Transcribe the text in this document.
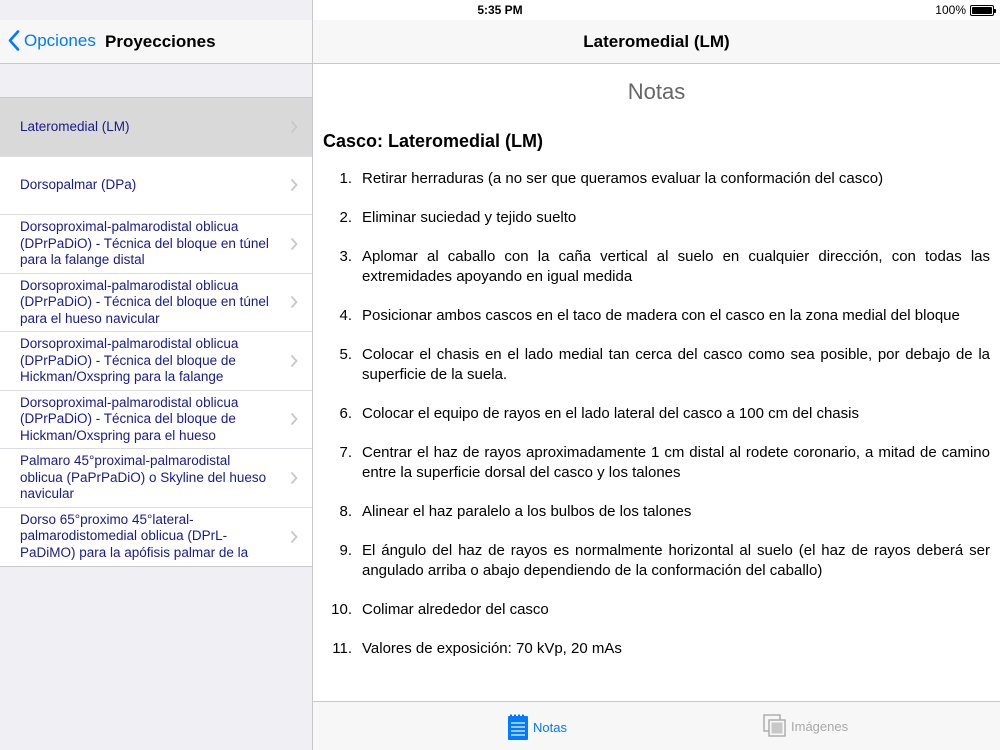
5:35 PM	100%
Opciones Proyecciones
Lateromedial (LM)
Dorsopalmar (DPa)
Dorsoproximal-palmarodistal oblicua (DPrPaDiO) - Técnica del bloque en túnel para la falange distal
Dorsoproximal-palmarodistal oblicua (DPrPaDiO) - Técnica del bloque en túnel para el hueso navicular
Dorsoproximal-palmarodistal oblicua (DPrPaDiO) - Técnica del bloque de Hickman/Oxspring para la falange
Dorsoproximal-palmarodistal oblicua (DPrPaDiO) - Técnica del bloque de Hickman/Oxspring para el hueso
Palmaro 45°proximal-palmarodistal oblicua (PaPrPaDiO) o Skyline del hueso navicular
Dorso 65°proximo 45°lateral-palmarodistomedial oblicua (DPrL-PaDiMO) para la apófisis palmar de la
Lateromedial (LM)
Notas
Casco: Lateromedial (LM)
1. Retirar herraduras (a no ser que queramos evaluar la conformación del casco)
2. Eliminar suciedad y tejido suelto
3. Aplomar al caballo con la caña vertical al suelo en cualquier dirección, con todas las extremidades apoyando en igual medida
4. Posicionar ambos cascos en el taco de madera con el casco en la zona medial del bloque
5. Colocar el chasis en el lado medial tan cerca del casco como sea posible, por debajo de la superficie de la suela.
6. Colocar el equipo de rayos en el lado lateral del casco a 100 cm del chasis
7. Centrar el haz de rayos aproximadamente 1 cm distal al rodete coronario, a mitad de camino entre la superficie dorsal del casco y los talones
8. Alinear el haz paralelo a los bulbos de los talones
9. El ángulo del haz de rayos es normalmente horizontal al suelo (el haz de rayos deberá ser angulado arriba o abajo dependiendo de la conformación del caballo)
10. Colimar alrededor del casco
11. Valores de exposición: 70 kVp, 20 mAs
Notas	Imágenes
